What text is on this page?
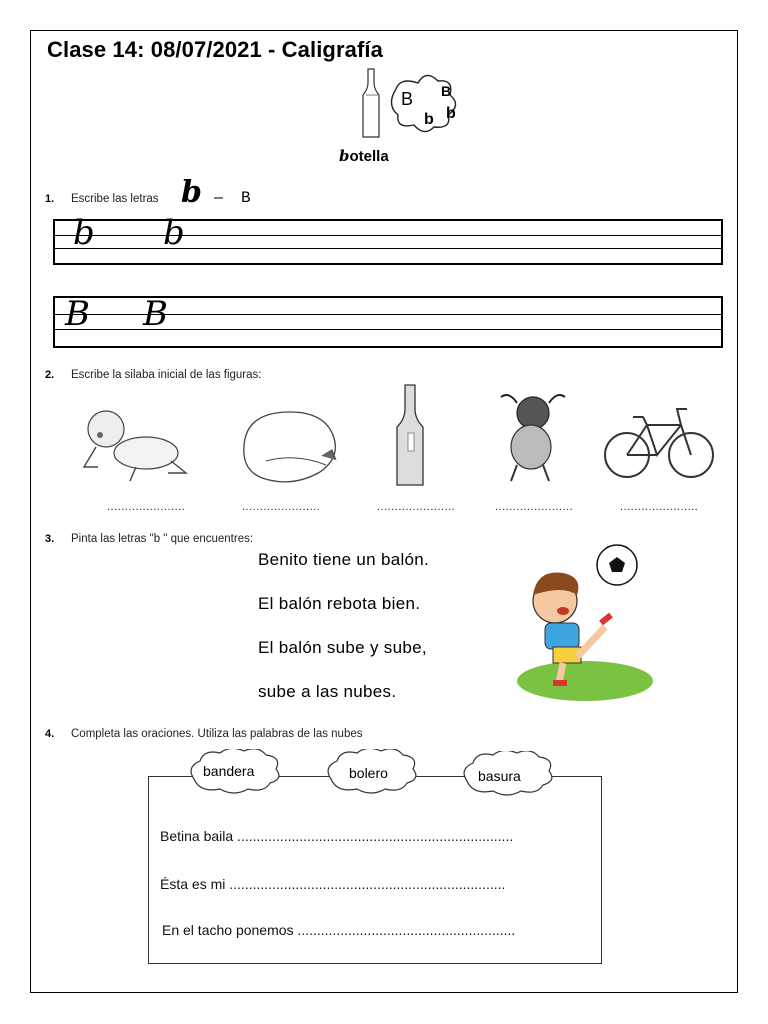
Clase 14: 08/07/2021 - Caligrafía
B B
b b
botella
1. Escribe las letras b – B
b b
B B
2. Escribe la silaba inicial de las figuras:
......................	......................	......................	......................	......................
3. Pinta las letras "b " que encuentres:
Benito tiene un balón.
El balón rebota bien.
El balón sube y sube,
sube a las nubes.
4. Completa las oraciones. Utiliza las palabras de las nubes
bandera	bolero	basura
Betina baila .......................................................................
Ésta es mi .......................................................................
En el tacho ponemos ........................................................
